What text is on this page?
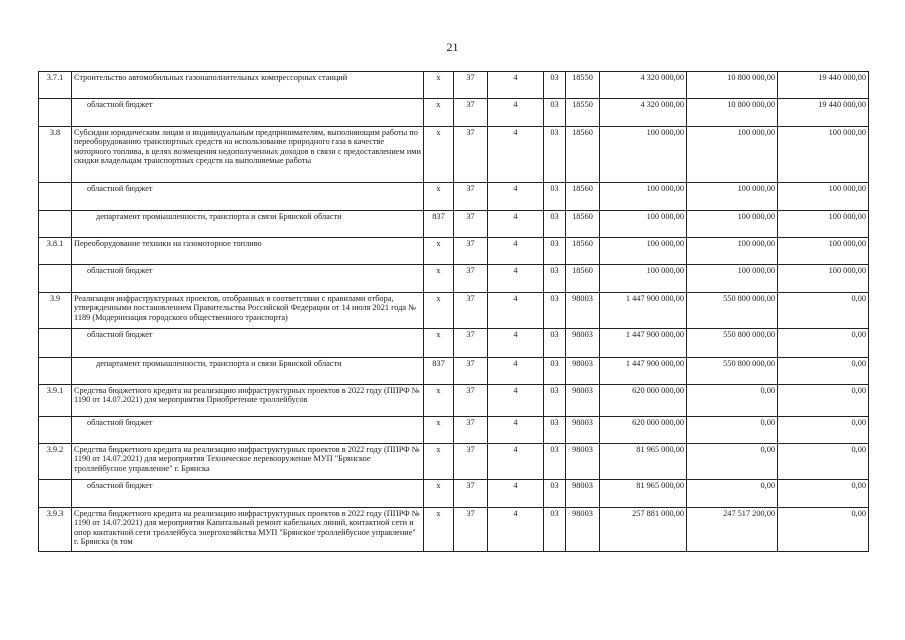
21
3.7.1	Строительство автомобильных газонаполнительных компрессорных станций	x	37	4	03	18550	4 320 000,00	10 800 000,00	19 440 000,00
	областной бюджет	x	37	4	03	18550	4 320 000,00	10 800 000,00	19 440 000,00
3.8	Субсидии юридическим лицам и индивидуальным предпринимателям, выполняющим работы по переоборудованию транспортных средств на использование природного газа в качестве моторного топлива, в целях возмещения недополученных доходов в связи с предоставлением ими скидки владельцам транспортных средств на выполняемые работы	x	37	4	03	18560	100 000,00	100 000,00	100 000,00
	областной бюджет	x	37	4	03	18560	100 000,00	100 000,00	100 000,00
	департамент промышленности, транспорта и связи Брянской области	837	37	4	03	18560	100 000,00	100 000,00	100 000,00
3.8.1	Переоборудование техники на газомоторное топливо	x	37	4	03	18560	100 000,00	100 000,00	100 000,00
	областной бюджет	x	37	4	03	18560	100 000,00	100 000,00	100 000,00
3.9	Реализация инфраструктурных проектов, отобранных в соответствии с правилами отбора, утвержденными постановлением Правительства Российской Федерации от 14 июля 2021 года № 1189 (Модернизация городского общественного транспорта)	x	37	4	03	98003	1 447 900 000,00	550 800 000,00	0,00
	областной бюджет	x	37	4	03	98003	1 447 900 000,00	550 800 000,00	0,00
	департамент промышленности, транспорта и связи Брянской области	837	37	4	03	98003	1 447 900 000,00	550 800 000,00	0,00
3.9.1	Средства бюджетного кредита на реализацию инфраструктурных проектов в 2022 году (ППРФ № 1190 от 14.07.2021) для мероприятия Приобретение троллейбусов	x	37	4	03	98003	620 000 000,00	0,00	0,00
	областной бюджет	x	37	4	03	98003	620 000 000,00	0,00	0,00
3.9.2	Средства бюджетного кредита на реализацию инфраструктурных проектов в 2022 году (ППРФ № 1190 от 14.07.2021) для мероприятия Техническое перевооружение МУП "Брянское троллейбусное управление" г. Брянска	x	37	4	03	98003	81 965 000,00	0,00	0,00
	областной бюджет	x	37	4	03	98003	81 965 000,00	0,00	0,00
3.9.3	Средства бюджетного кредита на реализацию инфраструктурных проектов в 2022 году (ППРФ № 1190 от 14.07.2021) для мероприятия Капитальный ремонт кабельных линий, контактной сети и опор контактной сети троллейбуса энергохозяйства МУП "Брянское троллейбусное управление" г. Брянска (в том	x	37	4	03	98003	257 881 000,00	247 517 200,00	0,00
